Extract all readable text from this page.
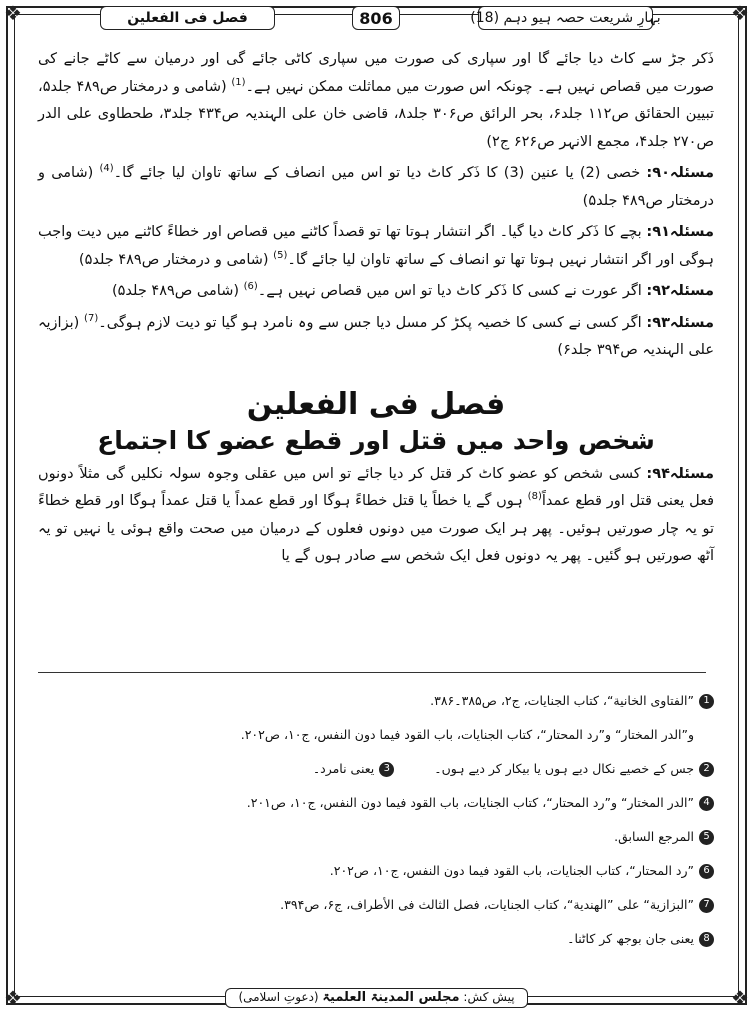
❖	❖
❖	❖
فصل فی الفعلین	806	بہارِ شریعت حصہ ہیو دہم (18)

ذَکر جڑ سے کاٹ دیا جائے گا اور سپاری کی صورت میں سپاری کاٹی جائے گی اور درمیان سے کاٹے جانے کی صورت میں قصاص نہیں ہے۔ چونکہ اس صورت میں مماثلت ممکن نہیں ہے۔$^{(1)}$ (شامی و درمختار ص۴۸۹ جلد۵، تبیین الحقائق ص۱۱۲ جلد۶، بحر الرائق ص۳۰۶ جلد۸، قاضی خان علی الہندیہ ص۴۳۴ جلد۳، طحطاوی علی الدر ص۲۷۰ جلد۴، مجمع الانہر ص۶۲۶ ج۲)

مسئلہ۹۰: خصی (2) یا عنین (3) کا ذَکر کاٹ دیا تو اس میں انصاف کے ساتھ تاوان لیا جائے گا۔$^{(4)}$ (شامی و درمختار ص۴۸۹ جلد۵)

مسئلہ۹۱: بچے کا ذَکر کاٹ دیا گیا۔ اگر انتشار ہوتا تھا تو قصداً کاٹنے میں قصاص اور خطاءً کاٹنے میں دیت واجب ہوگی اور اگر انتشار نہیں ہوتا تھا تو انصاف کے ساتھ تاوان لیا جائے گا۔$^{(5)}$ (شامی و درمختار ص۴۸۹ جلد۵)

مسئلہ۹۲: اگر عورت نے کسی کا ذَکر کاٹ دیا تو اس میں قصاص نہیں ہے۔$^{(6)}$ (شامی ص۴۸۹ جلد۵)

مسئلہ۹۳: اگر کسی نے کسی کا خصیہ پکڑ کر مسل دیا جس سے وہ نامرد ہو گیا تو دیت لازم ہوگی۔$^{(7)}$ (بزازیہ علی الہندیہ ص۳۹۴ جلد۶)

فصل فی الفعلین
شخص واحد میں قتل اور قطع عضو کا اجتماع

مسئلہ۹۴: کسی شخص کو عضو کاٹ کر قتل کر دیا جائے تو اس میں عقلی وجوہ سولہ نکلیں گی مثلاً دونوں فعل یعنی قتل اور قطع عمداً$^{(8)}$ ہوں گے یا خطاً یا قتل خطاءً ہوگا اور قطع عمداً یا قتل عمداً ہوگا اور قطع خطاءً تو یہ چار صورتیں ہوئیں۔ پھر ہر ایک صورت میں دونوں فعلوں کے درمیان میں صحت واقع ہوئی یا نہیں تو یہ آٹھ صورتیں ہو گئیں۔ پھر یہ دونوں فعل ایک شخص سے صادر ہوں گے یا

1
”الفتاوی الخانیة“، کتاب الجنایات، ج۲، ص۳۸۵۔۳۸۶.
و”الدر المختار“ و”رد المحتار“، کتاب الجنایات، باب القود فیما دون النفس، ج۱۰، ص۲۰۲.
2
جس کے خصیے نکال دیے ہوں یا بیکار کر دیے ہوں۔
3
یعنی نامرد۔
4
”الدر المختار“ و”رد المحتار“، کتاب الجنایات، باب القود فیما دون النفس، ج۱۰، ص۲۰۱.
5
المرجع السابق.
6
”رد المحتار“، کتاب الجنایات، باب القود فیما دون النفس، ج۱۰، ص۲۰۲.
7
”البزازیة“ علی ”الھندیة“، کتاب الجنایات، فصل الثالث فی الأطراف، ج۶، ص۳۹۴.
8
یعنی جان بوجھ کر کاٹنا۔
پیش کش: مجلس المدینۃ العلمیۃ (دعوتِ اسلامی)
